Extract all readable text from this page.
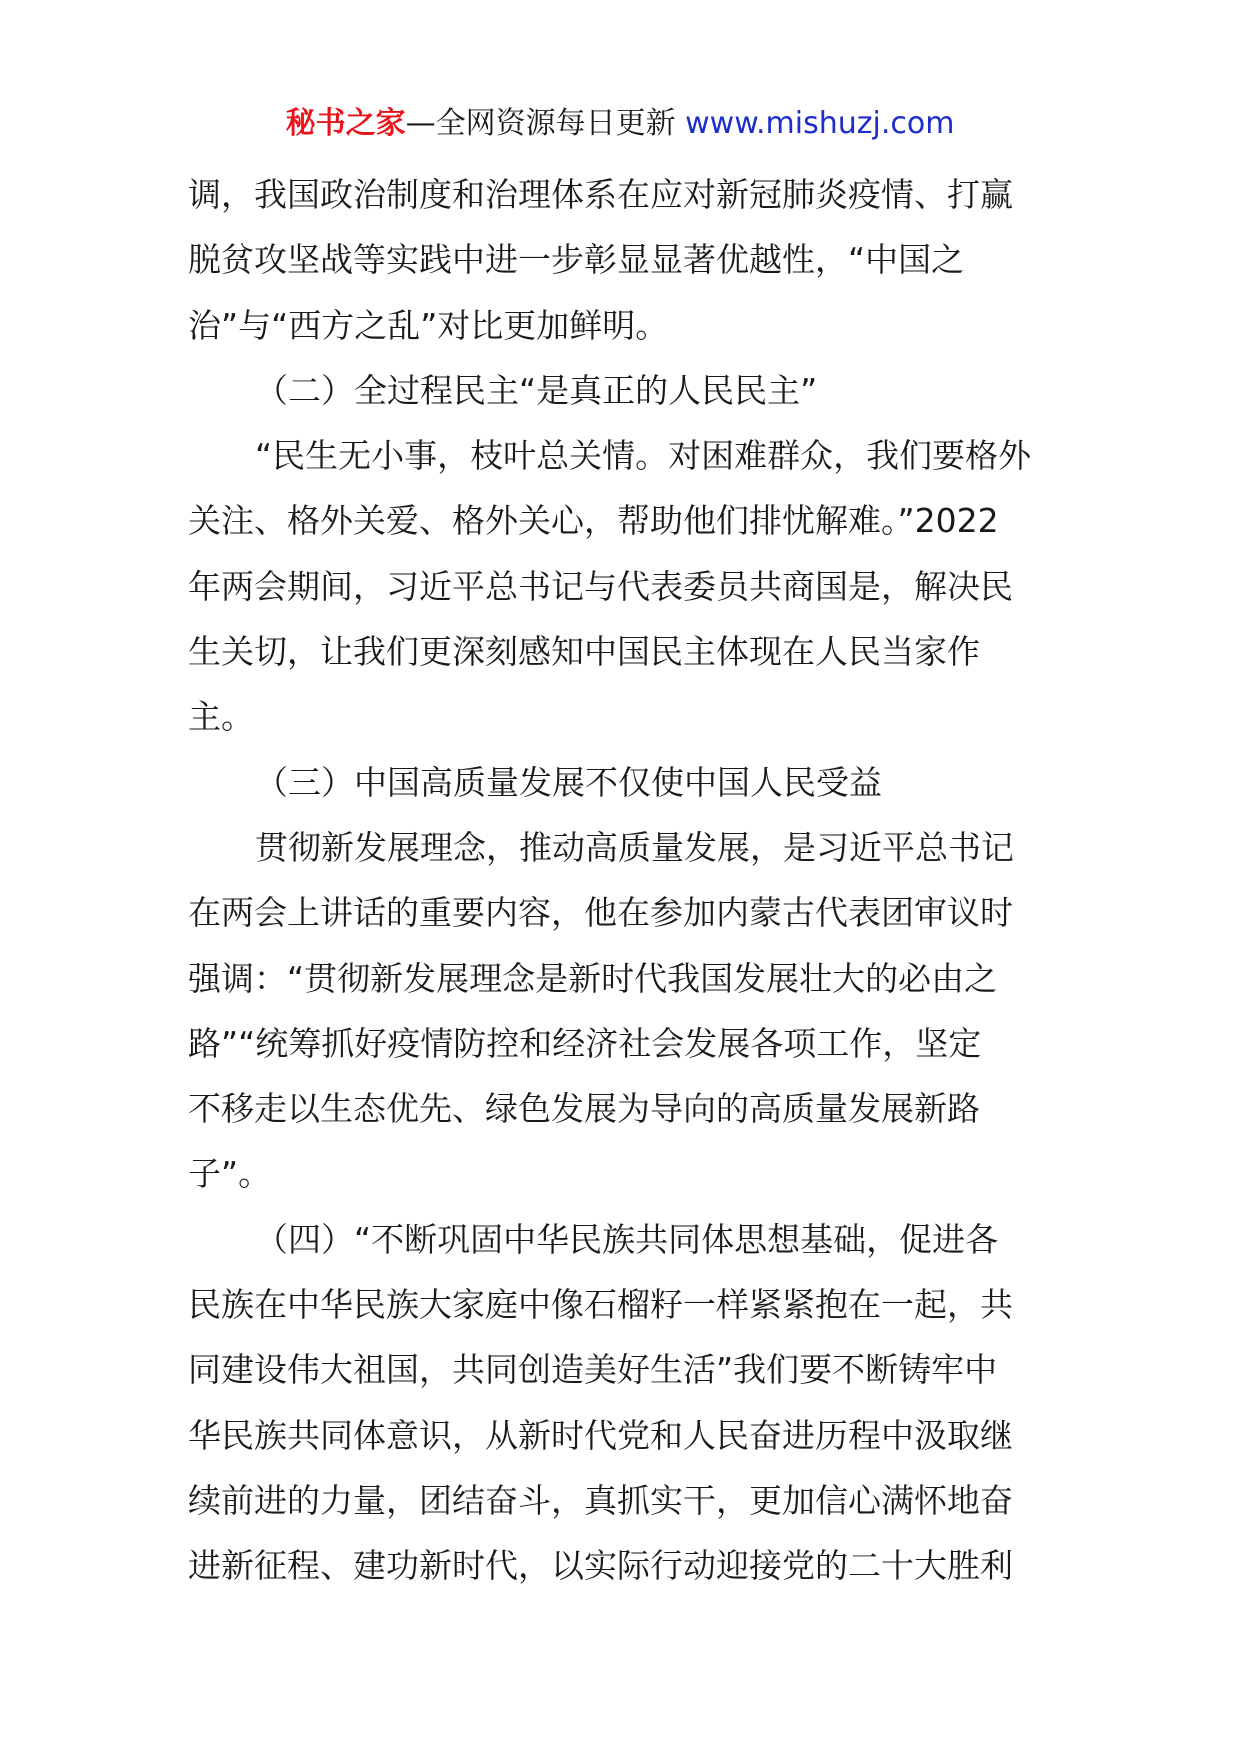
秘书之家—全网资源每日更新 www.mishuzj.com
调，我国政治制度和治理体系在应对新冠肺炎疫情、打赢
脱贫攻坚战等实践中进一步彰显显著优越性，“中国之
治”与“西方之乱”对比更加鲜明。
（二）全过程民主“是真正的人民民主”
“民生无小事，枝叶总关情。对困难群众，我们要格外
关注、格外关爱、格外关心，帮助他们排忧解难。”2022
年两会期间，习近平总书记与代表委员共商国是，解决民
生关切，让我们更深刻感知中国民主体现在人民当家作
主。
（三）中国高质量发展不仅使中国人民受益
贯彻新发展理念，推动高质量发展，是习近平总书记
在两会上讲话的重要内容，他在参加内蒙古代表团审议时
强调：“贯彻新发展理念是新时代我国发展壮大的必由之
路”“统筹抓好疫情防控和经济社会发展各项工作，坚定
不移走以生态优先、绿色发展为导向的高质量发展新路
子”。
（四）“不断巩固中华民族共同体思想基础，促进各
民族在中华民族大家庭中像石榴籽一样紧紧抱在一起，共
同建设伟大祖国，共同创造美好生活”我们要不断铸牢中
华民族共同体意识，从新时代党和人民奋进历程中汲取继
续前进的力量，团结奋斗，真抓实干，更加信心满怀地奋
进新征程、建功新时代，以实际行动迎接党的二十大胜利
